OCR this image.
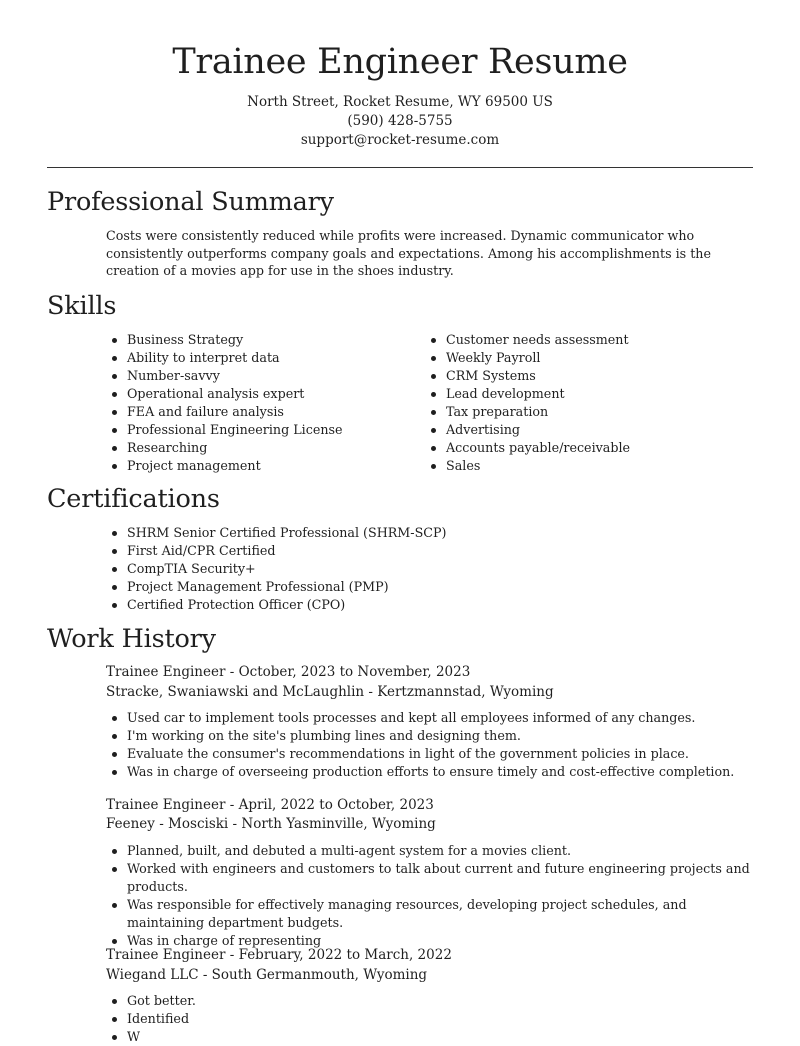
Trainee Engineer Resume
North Street, Rocket Resume, WY 69500 US
(590) 428-5755
support@rocket-resume.com
Professional Summary

Costs were consistently reduced while profits were increased. Dynamic communicator who consistently outperforms company goals and expectations. Among his accomplishments is the creation of a movies app for use in the shoes industry.

Skills
Business Strategy
Ability to interpret data
Number-savvy
Operational analysis expert
FEA and failure analysis
Professional Engineering License
Researching
Project management
Customer needs assessment
Weekly Payroll
CRM Systems
Lead development
Tax preparation
Advertising
Accounts payable/receivable
Sales
Certifications
SHRM Senior Certified Professional (SHRM-SCP)
First Aid/CPR Certified
CompTIA Security+
Project Management Professional (PMP)
Certified Protection Officer (CPO)
Work History
Trainee Engineer - October, 2023 to November, 2023
Stracke, Swaniawski and McLaughlin - Kertzmannstad, Wyoming
Used car to implement tools processes and kept all employees informed of any changes.
I'm working on the site's plumbing lines and designing them.
Evaluate the consumer's recommendations in light of the government policies in place.
Was in charge of overseeing production efforts to ensure timely and cost-effective completion.
Trainee Engineer - April, 2022 to October, 2023
Feeney - Mosciski - North Yasminville, Wyoming
Planned, built, and debuted a multi-agent system for a movies client.
Worked with engineers and customers to talk about current and future engineering projects and products.
Was responsible for effectively managing resources, developing project schedules, and maintaining department budgets.
Was in charge of representing
Trainee Engineer - February, 2022 to March, 2022
Wiegand LLC - South Germanmouth, Wyoming
Got better.
Identified
W
